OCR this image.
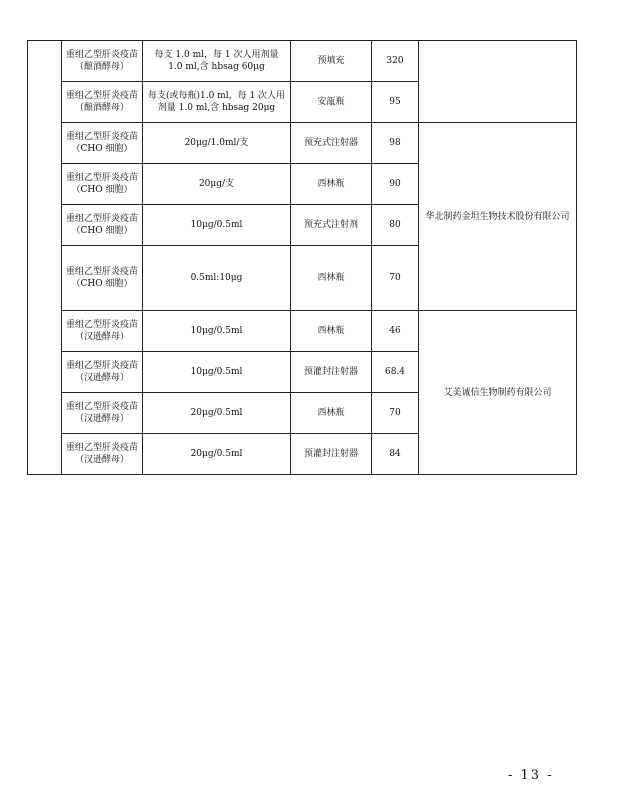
	重组乙型肝炎疫苗（酿酒酵母）	每支 1.0 ml，每 1 次人用剂量 1.0 ml,含 hbsag 60μg	预填充	320	
	重组乙型肝炎疫苗（酿酒酵母）	每支(或每瓶)1.0 ml，每 1 次人用剂量 1.0 ml,含 hbsag 20μg	安瓿瓶	95	
	重组乙型肝炎疫苗（CHO 细胞）	20μg/1.0ml/支	预充式注射器	98	华北制药金坦生物技术股份有限公司
	重组乙型肝炎疫苗（CHO 细胞）	20μg/支	西林瓶	90	
	重组乙型肝炎疫苗（CHO 细胞）	10μg/0.5ml	预充式注射剂	80	
	重组乙型肝炎疫苗（CHO 细胞）	0.5ml:10μg	西林瓶	70	
	重组乙型肝炎疫苗（汉逊酵母）	10μg/0.5ml	西林瓶	46	艾美诚信生物制药有限公司
	重组乙型肝炎疫苗（汉逊酵母）	10μg/0.5ml	预灌封注射器	68.4	
	重组乙型肝炎疫苗（汉逊酵母）	20μg/0.5ml	西林瓶	70	
	重组乙型肝炎疫苗（汉逊酵母）	20μg/0.5ml	预灌封注射器	84	
- 13 -
